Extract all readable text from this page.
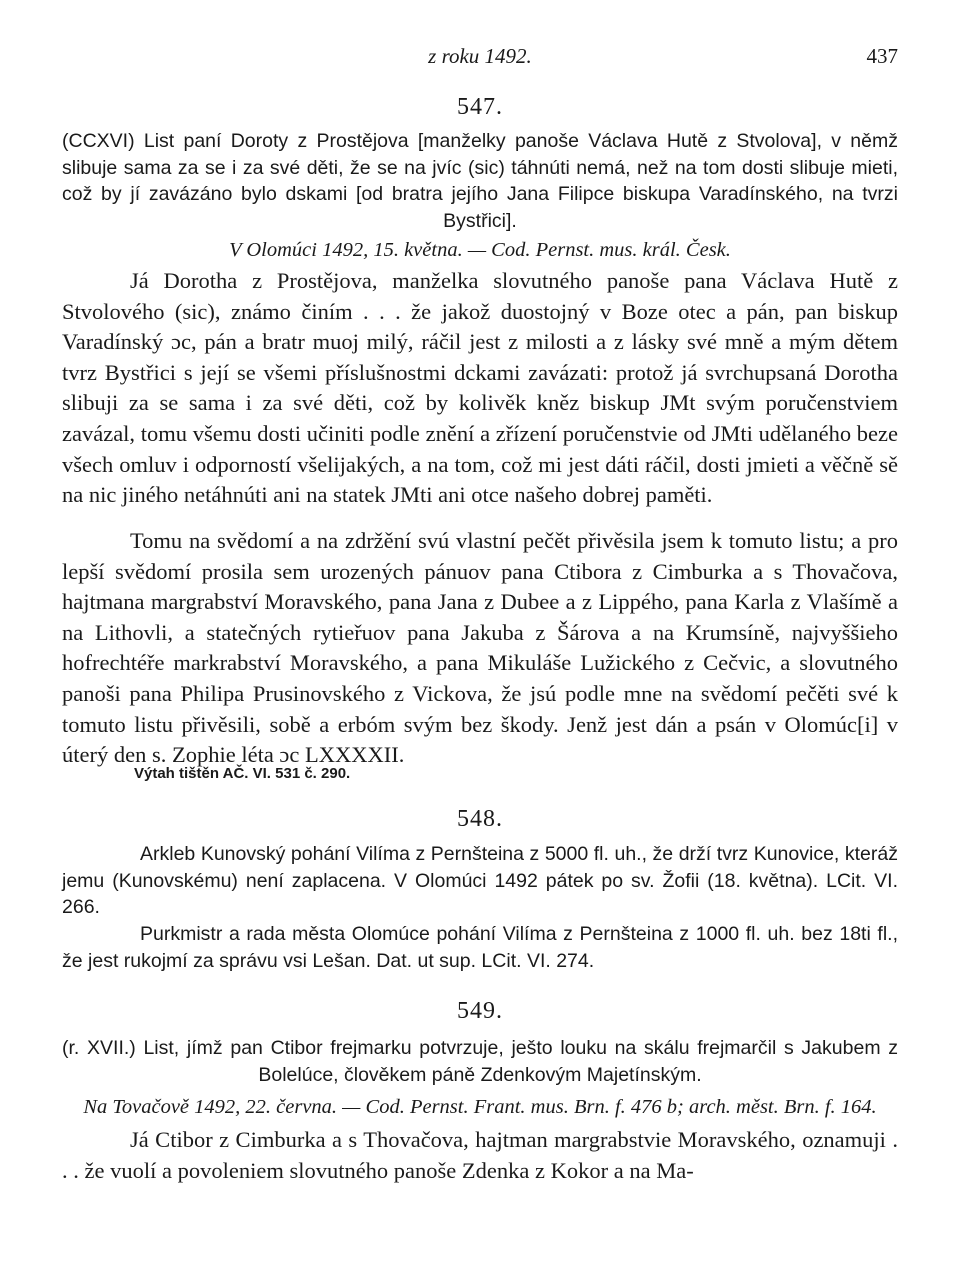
z roku 1492.	437
547.
(CCXVI) List paní Doroty z Prostějova [manželky panoše Václava Hutě z Stvolova], v němž slibuje sama za se i za své děti, že se na jvíc (sic) táhnúti nemá, než na tom dosti slibuje mieti, což by jí zavázáno bylo dskami [od bratra jejího Jana Filipce biskupa Varadínského, na tvrzi Bystřici].
V Olomúci 1492, 15. května. — Cod. Pernst. mus. král. Česk.
Já Dorotha z Prostějova, manželka slovutného panoše pana Václava Hutě z Stvolového (sic), známo činím . . . že jakož duostojný v Boze otec a pán, pan biskup Varadínský ɔc, pán a bratr muoj milý, ráčil jest z milosti a z lásky své mně a mým dětem tvrz Bystřici s její se všemi příslušnostmi dckami zavázati: protož já svrchupsaná Dorotha slibuji za se sama i za své děti, což by kolivěk kněz biskup JMt svým poručenstviem zavázal, tomu všemu dosti učiniti podle znění a zřízení poručenstvie od JMti udělaného beze všech omluv i odporností všelijakých, a na tom, což mi jest dáti ráčil, dosti jmieti a věčně sě na nic jiného netáhnúti ani na statek JMti ani otce našeho dobrej paměti.
Tomu na svědomí a na zdržění svú vlastní pečět přivěsila jsem k tomuto listu; a pro lepší svědomí prosila sem urozených pánuov pana Ctibora z Cimburka a s Thovačova, hajtmana margrabství Moravského, pana Jana z Dubee a z Lippého, pana Karla z Vlašímě a na Lithovli, a statečných rytieřuov pana Jakuba z Šárova a na Krumsíně, najvyššieho hofrechtéře markrabství Moravského, a pana Mikuláše Lužického z Cečvic, a slovutného panoši pana Philipa Prusinovského z Vickova, že jsú podle mne na svědomí pečěti své k tomuto listu přivěsili, sobě a erbóm svým bez škody. Jenž jest dán a psán v Olomúc[i] v úterý den s. Zophie léta ɔc LXXXXII.
Výtah tištěn AČ. VI. 531 č. 290.
548.
Arkleb Kunovský pohání Vilíma z Pernšteina z 5000 fl. uh., že drží tvrz Kunovice, kteráž jemu (Kunovskému) není zaplacena. V Olomúci 1492 pátek po sv. Žofii (18. května). LCit. VI. 266.
Purkmistr a rada města Olomúce pohání Vilíma z Pernšteina z 1000 fl. uh. bez 18ti fl., že jest rukojmí za správu vsi Lešan. Dat. ut sup. LCit. VI. 274.
549.
(r. XVII.) List, jímž pan Ctibor frejmarku potvrzuje, ješto louku na skálu frejmarčil s Jakubem z Bolelúce, člověkem páně Zdenkovým Majetínským.
Na Tovačově 1492, 22. června. — Cod. Pernst. Frant. mus. Brn. f. 476 b; arch. měst. Brn. f. 164.
Já Ctibor z Cimburka a s Thovačova, hajtman margrabstvie Moravského, oznamuji . . . že vuolí a povoleniem slovutného panoše Zdenka z Kokor a na Ma-
